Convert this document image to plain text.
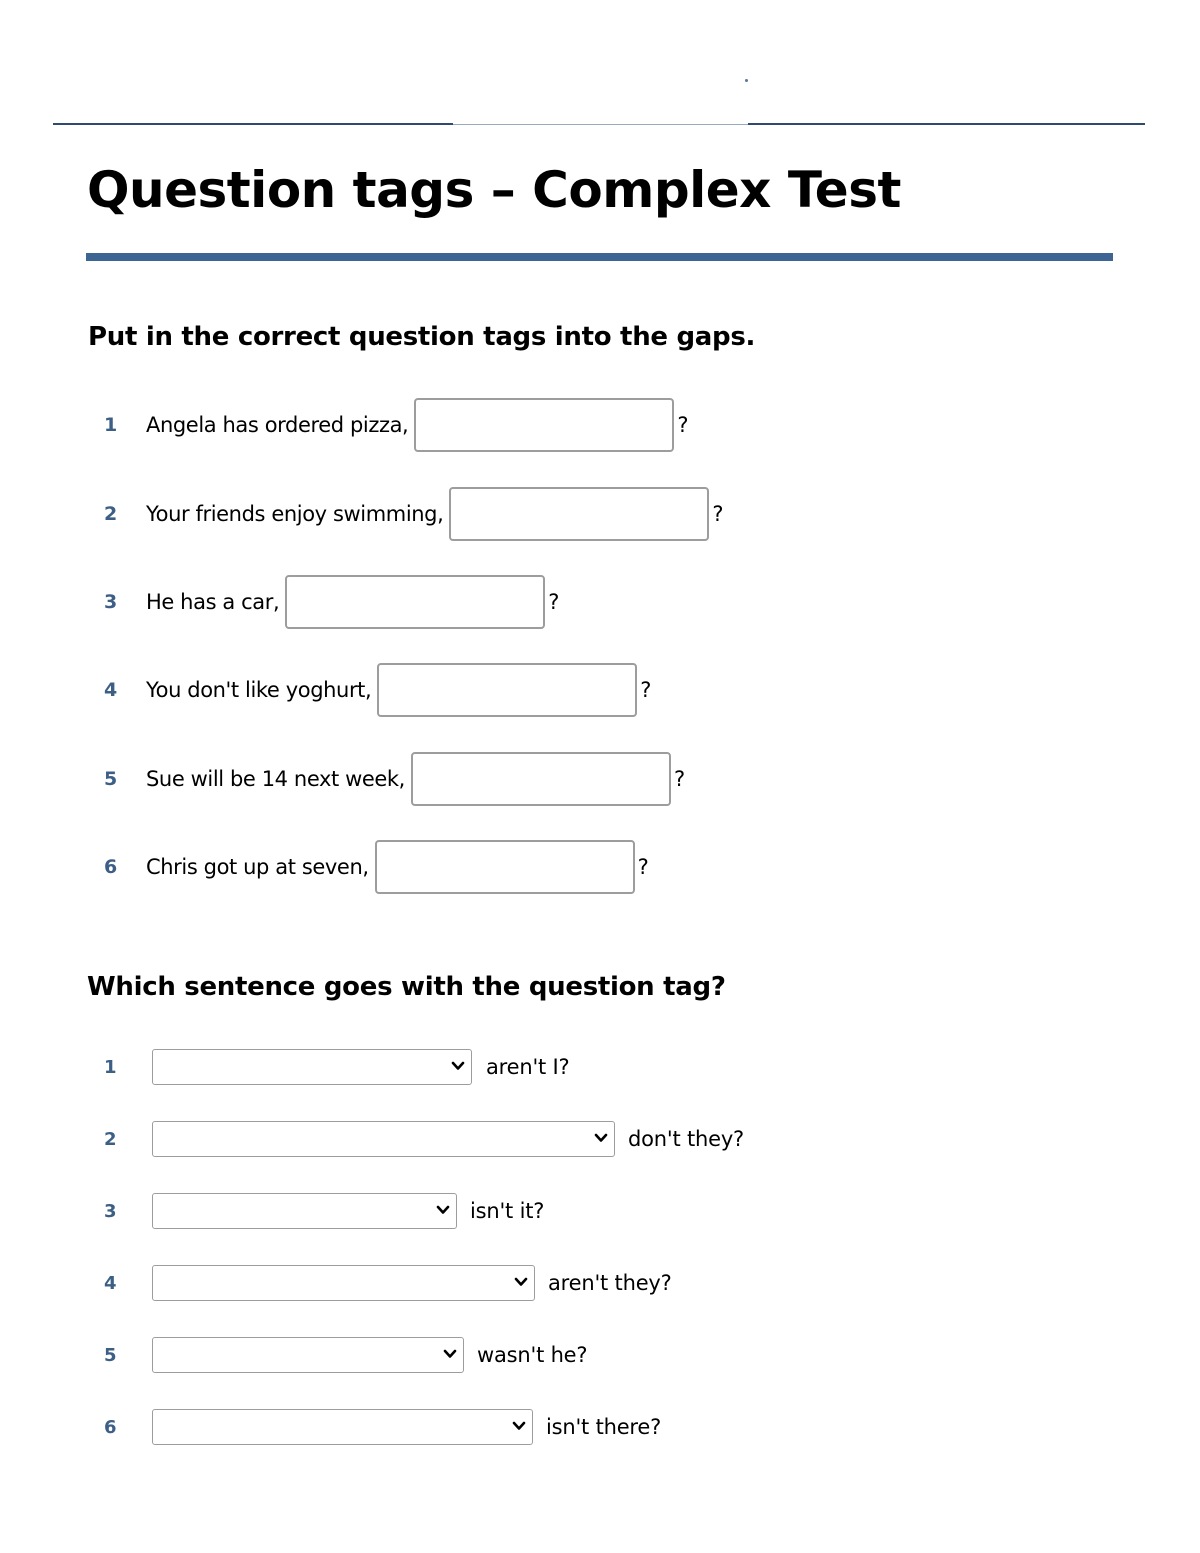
Question tags – Complex Test
Put in the correct question tags into the gaps.
1	Angela has ordered pizza,	?
2	Your friends enjoy swimming,	?
3	He has a car,	?
4	You don't like yoghurt,	?
5	Sue will be 14 next week,	?
6	Chris got up at seven,	?
Which sentence goes with the question tag?
1	aren't I?
2	don't they?
3	isn't it?
4	aren't they?
5	wasn't he?
6	isn't there?
